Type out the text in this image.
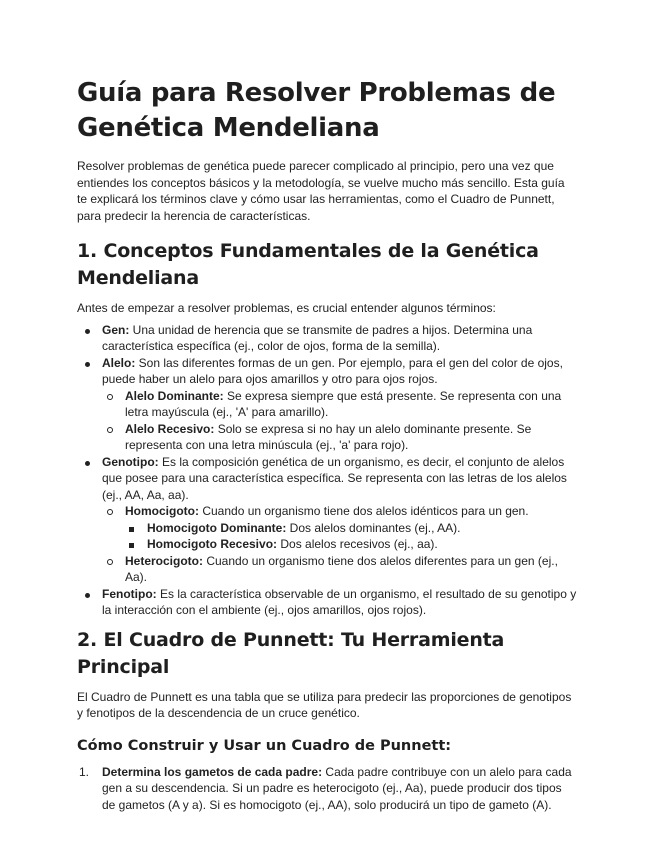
Guía para Resolver Problemas de Genética Mendeliana

Resolver problemas de genética puede parecer complicado al principio, pero una vez que entiendes los conceptos básicos y la metodología, se vuelve mucho más sencillo. Esta guía te explicará los términos clave y cómo usar las herramientas, como el Cuadro de Punnett, para predecir la herencia de características.

1. Conceptos Fundamentales de la Genética Mendeliana

Antes de empezar a resolver problemas, es crucial entender algunos términos:

Gen: Una unidad de herencia que se transmite de padres a hijos. Determina una característica específica (ej., color de ojos, forma de la semilla).
Alelo: Son las diferentes formas de un gen. Por ejemplo, para el gen del color de ojos, puede haber un alelo para ojos amarillos y otro para ojos rojos.
Alelo Dominante: Se expresa siempre que está presente. Se representa con una letra mayúscula (ej., 'A' para amarillo).
Alelo Recesivo: Solo se expresa si no hay un alelo dominante presente. Se representa con una letra minúscula (ej., 'a' para rojo).
Genotipo: Es la composición genética de un organismo, es decir, el conjunto de alelos que posee para una característica específica. Se representa con las letras de los alelos (ej., AA, Aa, aa).
Homocigoto: Cuando un organismo tiene dos alelos idénticos para un gen.
Homocigoto Dominante: Dos alelos dominantes (ej., AA).
Homocigoto Recesivo: Dos alelos recesivos (ej., aa).
Heterocigoto: Cuando un organismo tiene dos alelos diferentes para un gen (ej., Aa).
Fenotipo: Es la característica observable de un organismo, el resultado de su genotipo y la interacción con el ambiente (ej., ojos amarillos, ojos rojos).
2. El Cuadro de Punnett: Tu Herramienta Principal

El Cuadro de Punnett es una tabla que se utiliza para predecir las proporciones de genotipos y fenotipos de la descendencia de un cruce genético.

Cómo Construir y Usar un Cuadro de Punnett:
1. Determina los gametos de cada padre: Cada padre contribuye con un alelo para cada gen a su descendencia. Si un padre es heterocigoto (ej., Aa), puede producir dos tipos de gametos (A y a). Si es homocigoto (ej., AA), solo producirá un tipo de gameto (A).
